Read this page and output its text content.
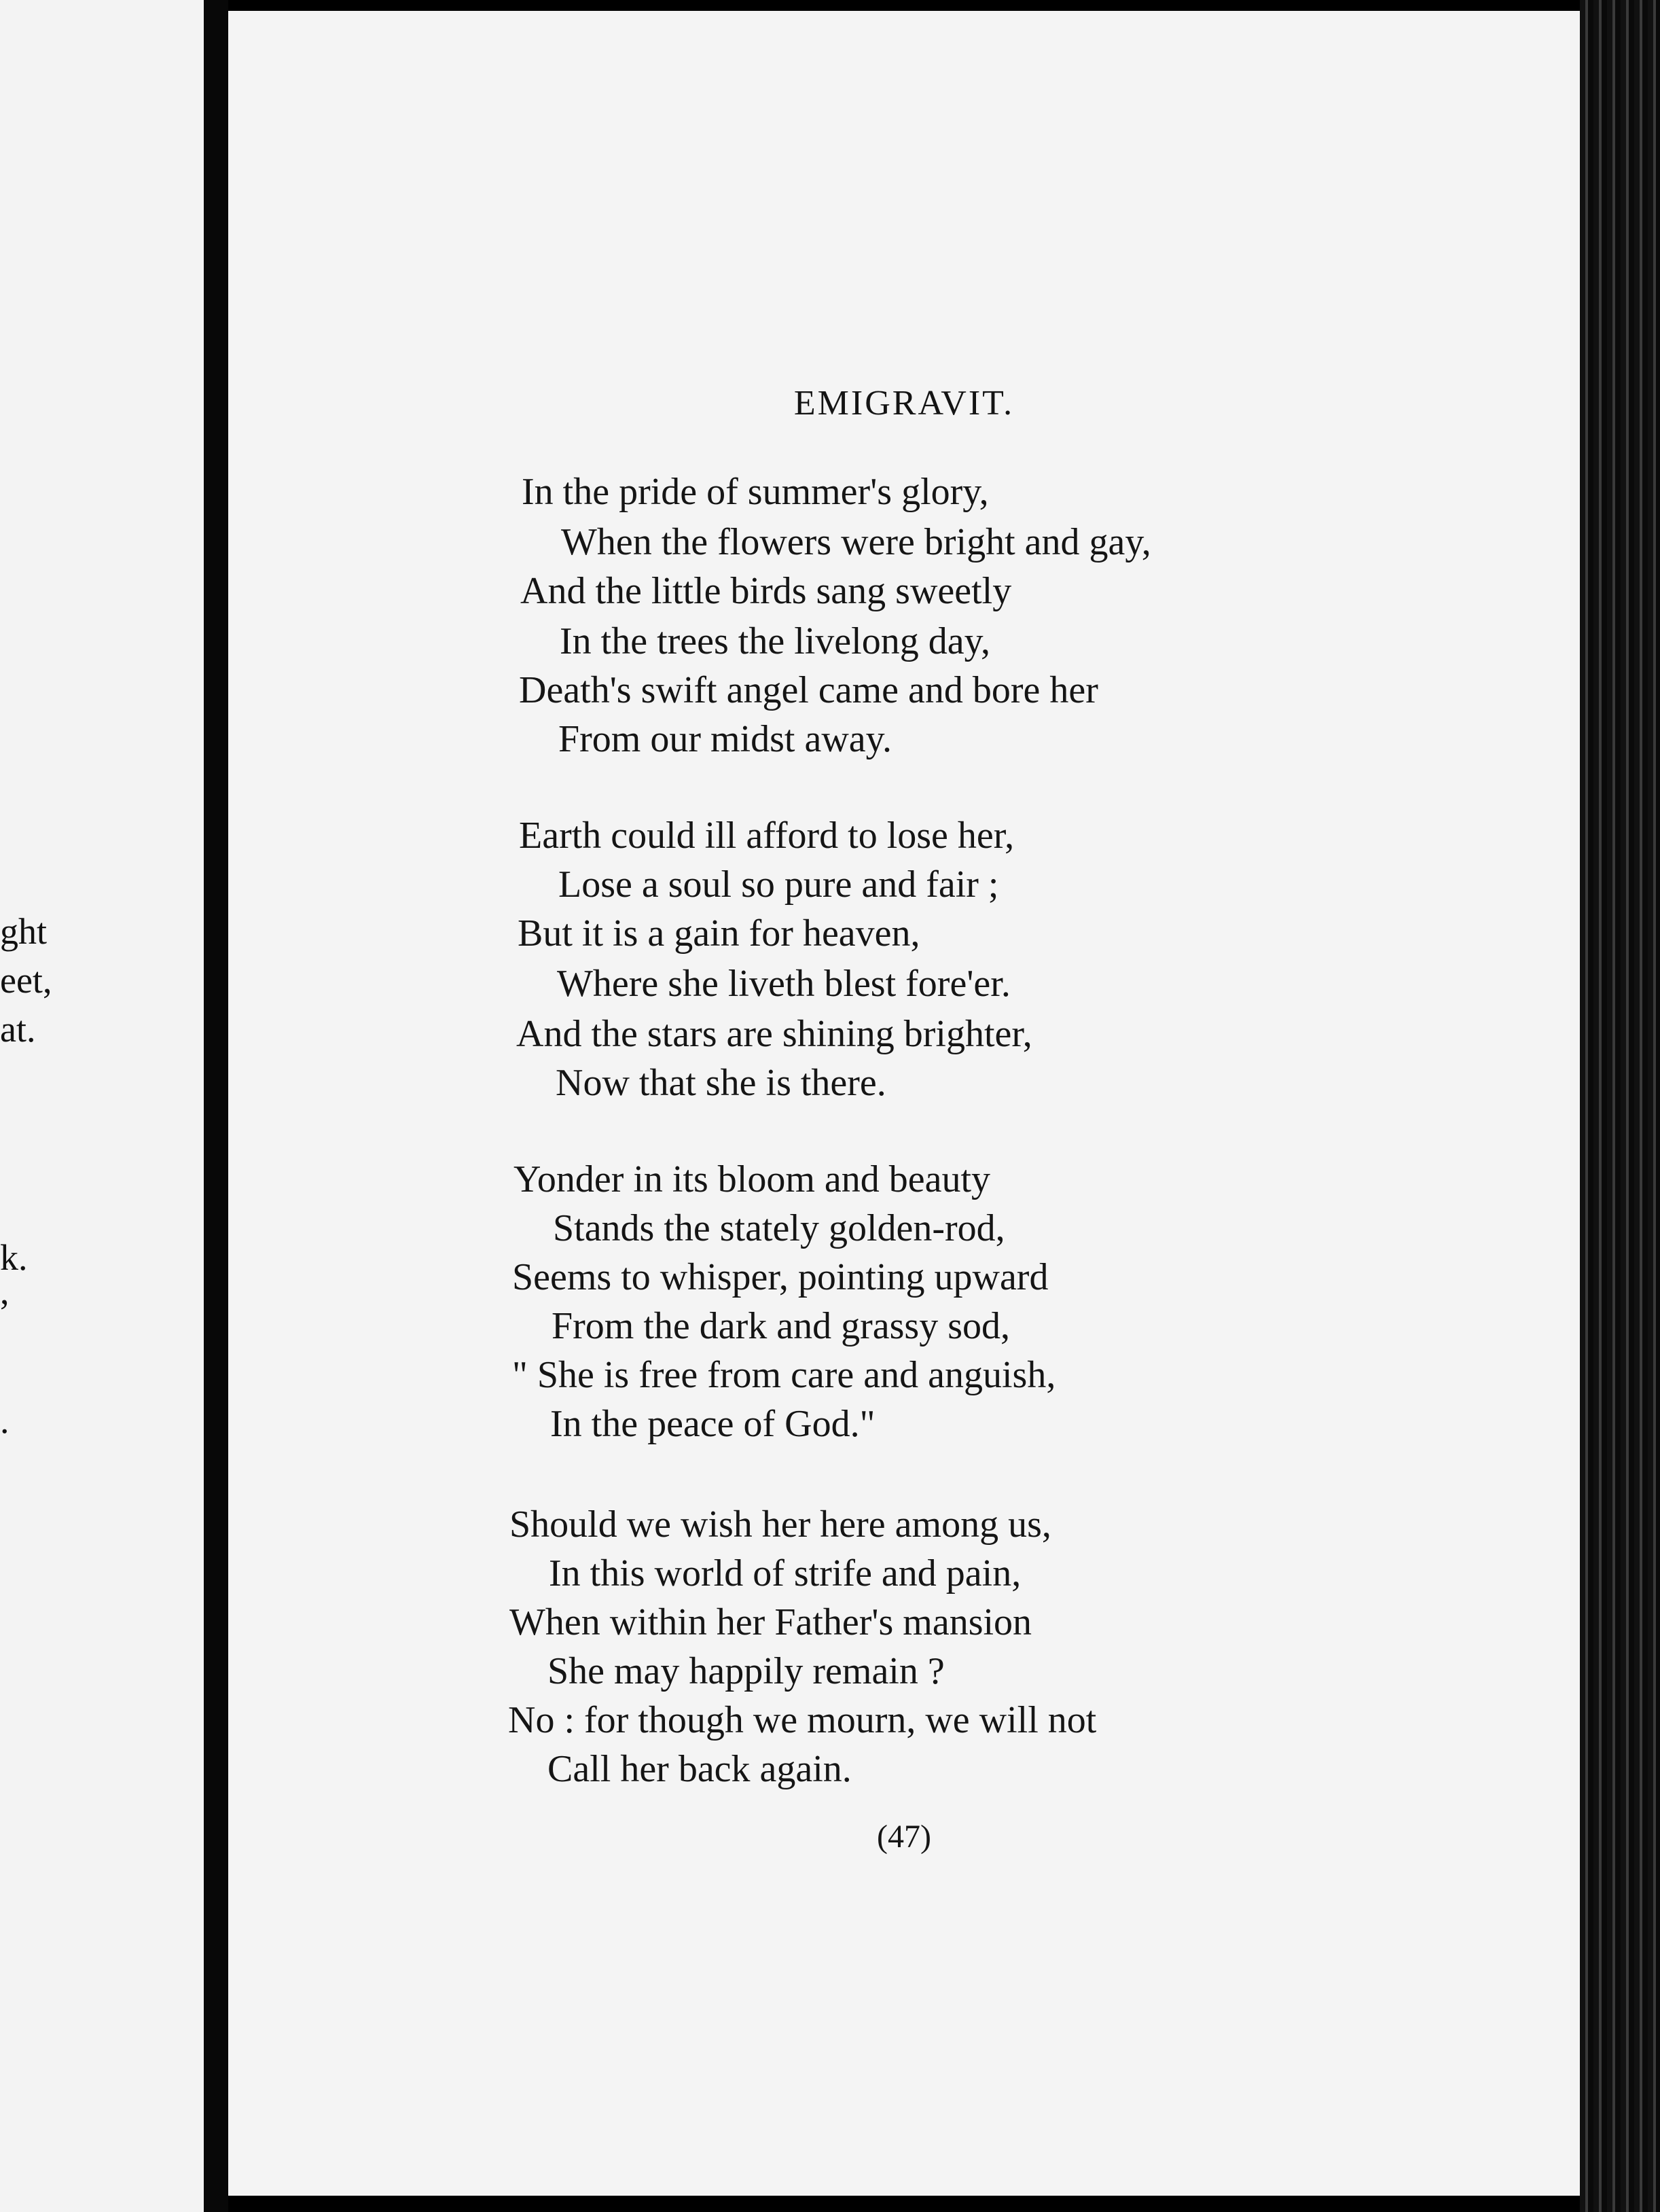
ght
eet,
at.
k.
,
.
EMIGRAVIT.
In the pride of summer's glory,
When the flowers were bright and gay,
And the little birds sang sweetly
In the trees the livelong day,
Death's swift angel came and bore her
From our midst away.
Earth could ill afford to lose her,
Lose a soul so pure and fair ;
But it is a gain for heaven,
Where she liveth blest fore'er.
And the stars are shining brighter,
Now that she is there.
Yonder in its bloom and beauty
Stands the stately golden-rod,
Seems to whisper, pointing upward
From the dark and grassy sod,
" She is free from care and anguish,
In the peace of God."
Should we wish her here among us,
In this world of strife and pain,
When within her Father's mansion
She may happily remain ?
No : for though we mourn, we will not
Call her back again.
(47)
